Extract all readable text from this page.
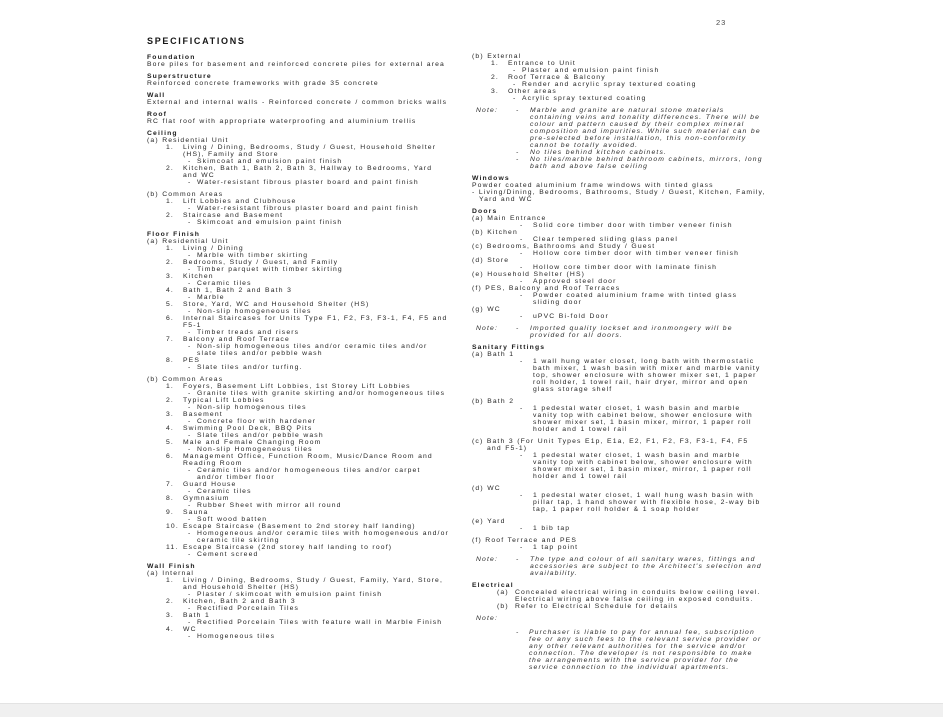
23
SPECIFICATIONS
Foundation
Bore piles for basement and reinforced concrete piles for external area
Superstructure
Reinforced concrete frameworks with grade 35 concrete
Wall
External and internal walls - Reinforced concrete / common bricks walls
Roof
RC flat roof with appropriate waterproofing and aluminium trellis
Ceiling
(a) Residential Unit
1.	Living / Dining, Bedrooms, Study / Guest, Household Shelter (HS), Family and Store
- Skimcoat and emulsion paint finish
2.	Kitchen, Bath 1, Bath 2, Bath 3, Hallway to Bedrooms, Yard and WC
- Water-resistant fibrous plaster board and paint finish
(b) Common Areas
1.	Lift Lobbies and Clubhouse
- Water-resistant fibrous plaster board and paint finish
2.	Staircase and Basement
- Skimcoat and emulsion paint finish
Floor Finish
(a) Residential Unit
1.	Living / Dining
- Marble with timber skirting
2.	Bedrooms, Study / Guest, and Family
- Timber parquet with timber skirting
3.	Kitchen
- Ceramic tiles
4.	Bath 1, Bath 2 and Bath 3
- Marble
5.	Store, Yard, WC and Household Shelter (HS)
- Non-slip homogeneous tiles
6.	Internal Staircases for Units Type F1, F2, F3, F3-1, F4, F5 and F5-1
- Timber treads and risers
7.	Balcony and Roof Terrace
- Non-slip homogeneous tiles and/or ceramic tiles and/or slate tiles and/or pebble wash
8.	PES
- Slate tiles and/or turfing.
(b) Common Areas
1.	Foyers, Basement Lift Lobbies, 1st Storey Lift Lobbies
- Granite tiles with granite skirting and/or homogeneous tiles
2.	Typical Lift Lobbies
- Non-slip homogenous tiles
3.	Basement
- Concrete floor with hardener
4.	Swimming Pool Deck, BBQ Pits
- Slate tiles and/or pebble wash
5.	Male and Female Changing Room
- Non-slip Homogeneous tiles
6.	Management Office, Function Room, Music/Dance Room and Reading Room
- Ceramic tiles and/or homogeneous tiles and/or carpet and/or timber floor
7.	Guard House
- Ceramic tiles
8.	Gymnasium
- Rubber Sheet with mirror all round
9.	Sauna
- Soft wood batten
10. Escape Staircase (Basement to 2nd storey half landing)
- Homogeneous and/or ceramic tiles with homogeneous and/or ceramic tile skirting
11. Escape Staircase (2nd storey half landing to roof)
- Cement screed
Wall Finish
(a) Internal
1.	Living / Dining, Bedrooms, Study / Guest, Family, Yard, Store, and Household Shelter (HS)
- Plaster / skimcoat with emulsion paint finish
2.	Kitchen, Bath 2 and Bath 3
- Rectified Porcelain Tiles
3.	Bath 1
- Rectified Porcelain Tiles with feature wall in Marble Finish
4.	WC
- Homogeneous tiles
(b) External
1.	Entrance to Unit
- Plaster and emulsion paint finish
2.	Roof Terrace & Balcony
- Render and acrylic spray textured coating
3.	Other areas
- Acrylic spray textured coating
Note:	-	Marble and granite are natural stone materials containing veins and tonality differences. There will be colour and pattern caused by their complex mineral composition and impurities. While such material can be pre-selected before installation, this non-conformity cannot be totally avoided.
-	No tiles behind kitchen cabinets.
-	No tiles/marble behind bathroom cabinets, mirrors, long bath and above false ceiling
Windows
Powder coated aluminium frame windows with tinted glass
- Living/Dining, Bedrooms, Bathrooms, Study / Guest, Kitchen, Family, Yard and WC
Doors
(a) Main Entrance
-	Solid core timber door with timber veneer finish
(b) Kitchen
-	Clear tempered sliding glass panel
(c) Bedrooms, Bathrooms and Study / Guest
-	Hollow core timber door with timber veneer finish
(d) Store
-	Hollow core timber door with laminate finish
(e) Household Shelter (HS)
-	Approved steel door
(f) PES, Balcony and Roof Terraces
-	Powder coated aluminium frame with tinted glass sliding door
(g) WC
-	uPVC Bi-fold Door
Note:	-	Imported quality lockset and ironmongery will be provided for all doors.
Sanitary Fittings
(a) Bath 1
-	1 wall hung water closet, long bath with thermostatic bath mixer, 1 wash basin with mixer and marble vanity top, shower enclosure with shower mixer set, 1 paper roll holder, 1 towel rail, hair dryer, mirror and open glass storage shelf
(b) Bath 2
-	1 pedestal water closet, 1 wash basin and marble vanity top with cabinet below, shower enclosure with shower mixer set, 1 basin mixer, mirror, 1 paper roll holder and 1 towel rail
(c) Bath 3 (For Unit Types E1p, E1a, E2, F1, F2, F3, F3-1, F4, F5 and F5-1)
-	1 pedestal water closet, 1 wash basin and marble vanity top with cabinet below, shower enclosure with shower mixer set, 1 basin mixer, mirror, 1 paper roll holder and 1 towel rail
(d) WC
-	1 pedestal water closet, 1 wall hung wash basin with pillar tap, 1 hand shower with flexible hose, 2-way bib tap, 1 paper roll holder & 1 soap holder
(e) Yard
-	1 bib tap
(f) Roof Terrace and PES
-	1 tap point
Note:	-	The type and colour of all sanitary wares, fittings and accessories are subject to the Architect's selection and availability.
Electrical
(a) Concealed electrical wiring in conduits below ceiling level. Electrical wiring above false ceiling in exposed conduits.
(b) Refer to Electrical Schedule for details
Note:
-	Purchaser is liable to pay for annual fee, subscription fee or any such fees to the relevant service provider or any other relevant authorities for the service and/or connection. The developer is not responsible to make the arrangements with the service provider for the service connection to the individual apartments.
